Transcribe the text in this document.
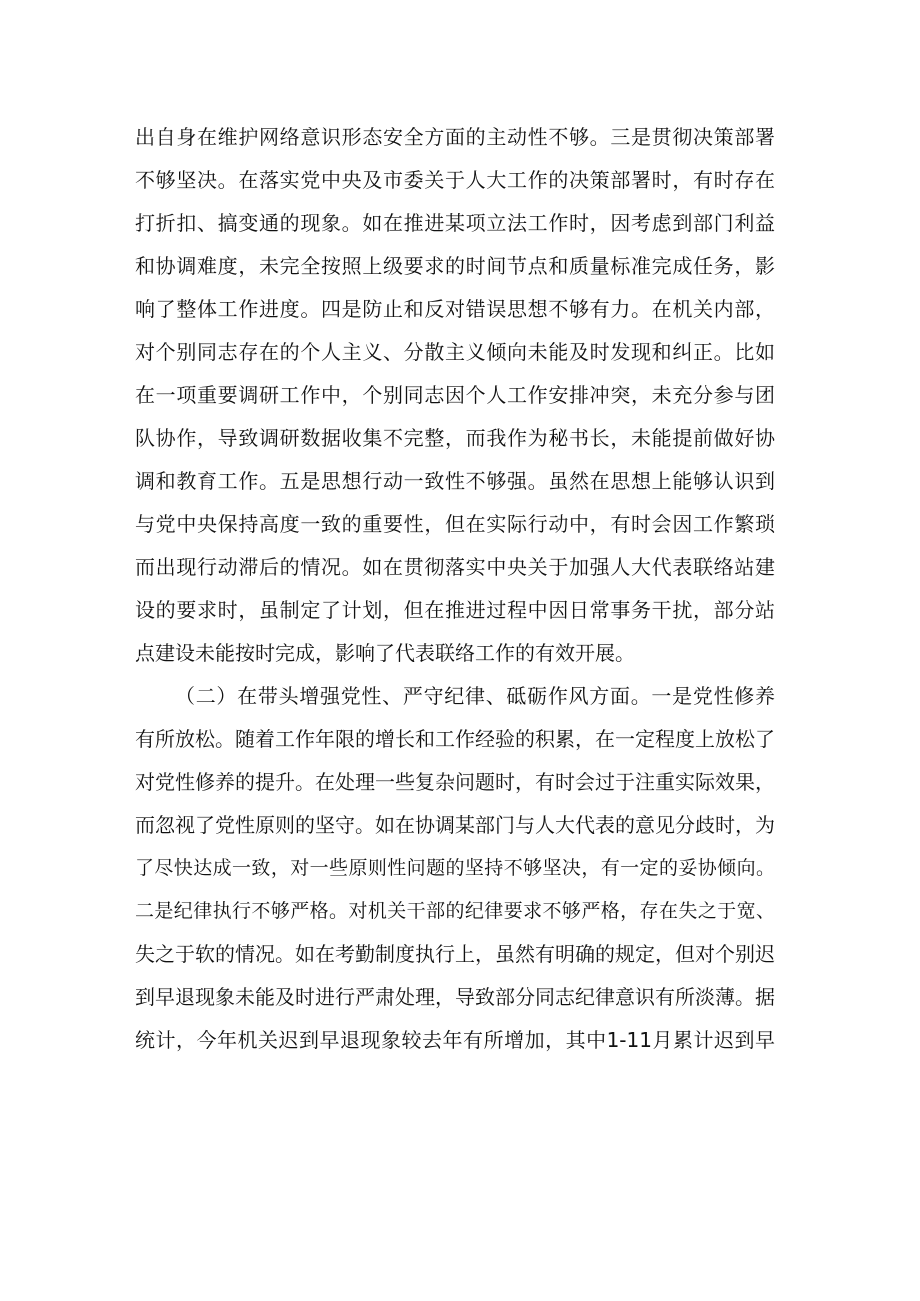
出自身在维护网络意识形态安全方面的主动性不够。三是贯彻决策部署
不够坚决。在落实党中央及市委关于人大工作的决策部署时，有时存在
打折扣、搞变通的现象。如在推进某项立法工作时，因考虑到部门利益
和协调难度，未完全按照上级要求的时间节点和质量标准完成任务，影
响了整体工作进度。四是防止和反对错误思想不够有力。在机关内部，
对个别同志存在的个人主义、分散主义倾向未能及时发现和纠正。比如
在一项重要调研工作中，个别同志因个人工作安排冲突，未充分参与团
队协作，导致调研数据收集不完整，而我作为秘书长，未能提前做好协
调和教育工作。五是思想行动一致性不够强。虽然在思想上能够认识到
与党中央保持高度一致的重要性，但在实际行动中，有时会因工作繁琐
而出现行动滞后的情况。如在贯彻落实中央关于加强人大代表联络站建
设的要求时，虽制定了计划，但在推进过程中因日常事务干扰，部分站
点建设未能按时完成，影响了代表联络工作的有效开展。
（二）在带头增强党性、严守纪律、砥砺作风方面。一是党性修养
有所放松。随着工作年限的增长和工作经验的积累，在一定程度上放松了
对党性修养的提升。在处理一些复杂问题时，有时会过于注重实际效果，
而忽视了党性原则的坚守。如在协调某部门与人大代表的意见分歧时，为
了尽快达成一致，对一些原则性问题的坚持不够坚决，有一定的妥协倾向。
二是纪律执行不够严格。对机关干部的纪律要求不够严格，存在失之于宽、
失之于软的情况。如在考勤制度执行上，虽然有明确的规定，但对个别迟
到早退现象未能及时进行严肃处理，导致部分同志纪律意识有所淡薄。据
统计，今年机关迟到早退现象较去年有所增加，其中1-11月累计迟到早
